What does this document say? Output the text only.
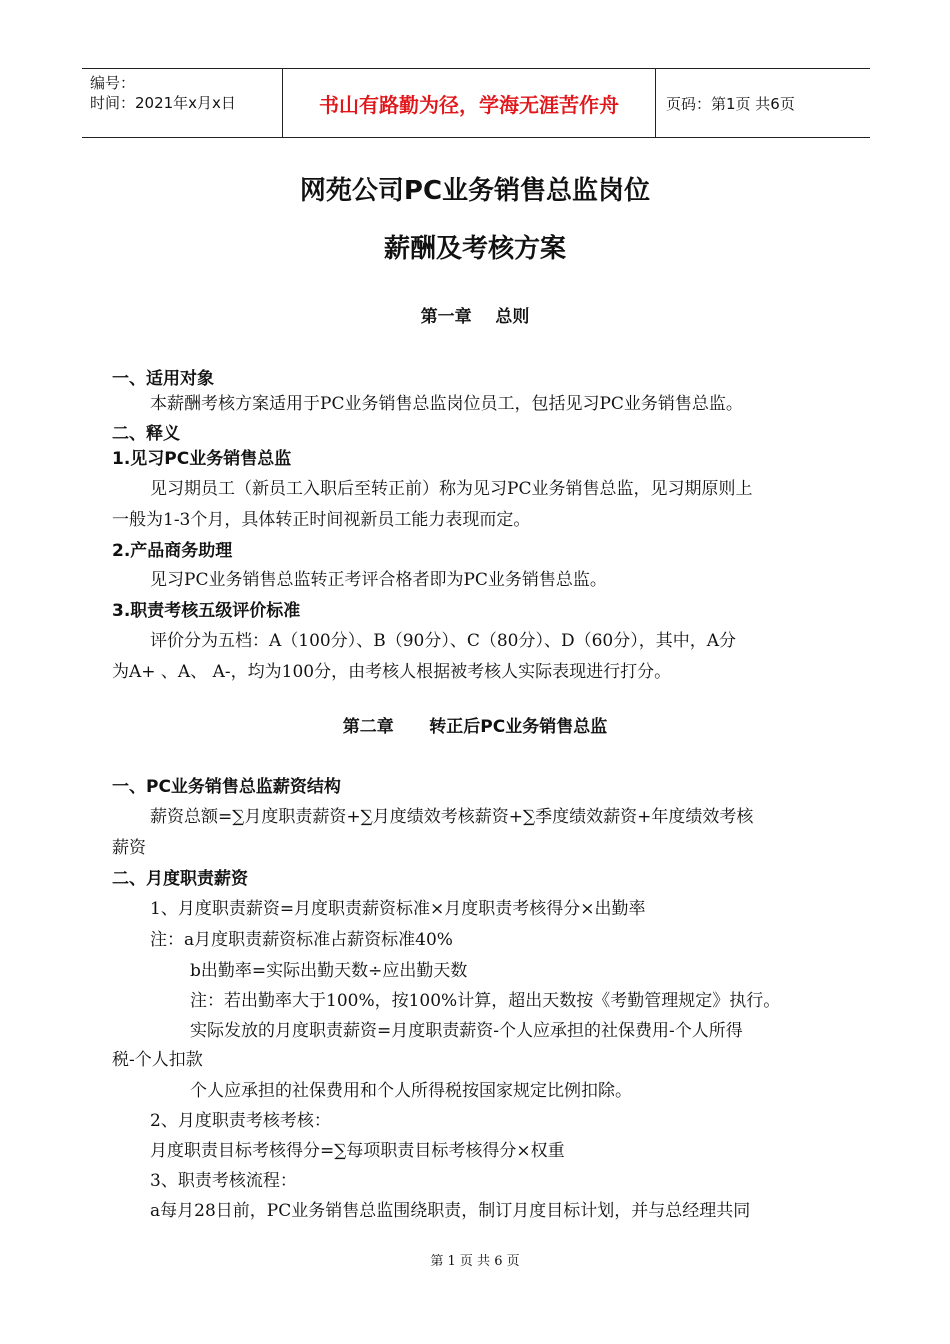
编号：
时间：2021年x月x日	书山有路勤为径，学海无涯苦作舟	页码：第1页 共6页
网苑公司PC业务销售总监岗位
薪酬及考核方案
第一章    总则
一、适用对象
本薪酬考核方案适用于PC业务销售总监岗位员工，包括见习PC业务销售总监。
二、释义
1.见习PC业务销售总监
见习期员工（新员工入职后至转正前）称为见习PC业务销售总监，见习期原则上
一般为1-3个月，具体转正时间视新员工能力表现而定。
2.产品商务助理
见习PC业务销售总监转正考评合格者即为PC业务销售总监。
3.职责考核五级评价标准
评价分为五档：A（100分）、B（90分）、C（80分）、D（60分），其中，A分
为A+ 、A、 A-，均为100分，由考核人根据被考核人实际表现进行打分。
第二章      转正后PC业务销售总监
一、PC业务销售总监薪资结构
薪资总额=∑月度职责薪资+∑月度绩效考核薪资+∑季度绩效薪资+年度绩效考核
薪资
二、月度职责薪资
1、月度职责薪资=月度职责薪资标准×月度职责考核得分×出勤率
注：a月度职责薪资标准占薪资标准40%
b出勤率=实际出勤天数÷应出勤天数
注：若出勤率大于100%，按100%计算，超出天数按《考勤管理规定》执行。
实际发放的月度职责薪资=月度职责薪资-个人应承担的社保费用-个人所得
税-个人扣款
个人应承担的社保费用和个人所得税按国家规定比例扣除。
2、月度职责考核考核：
月度职责目标考核得分=∑每项职责目标考核得分×权重
3、职责考核流程：
a每月28日前，PC业务销售总监围绕职责，制订月度目标计划，并与总经理共同
第 1 页 共 6 页
